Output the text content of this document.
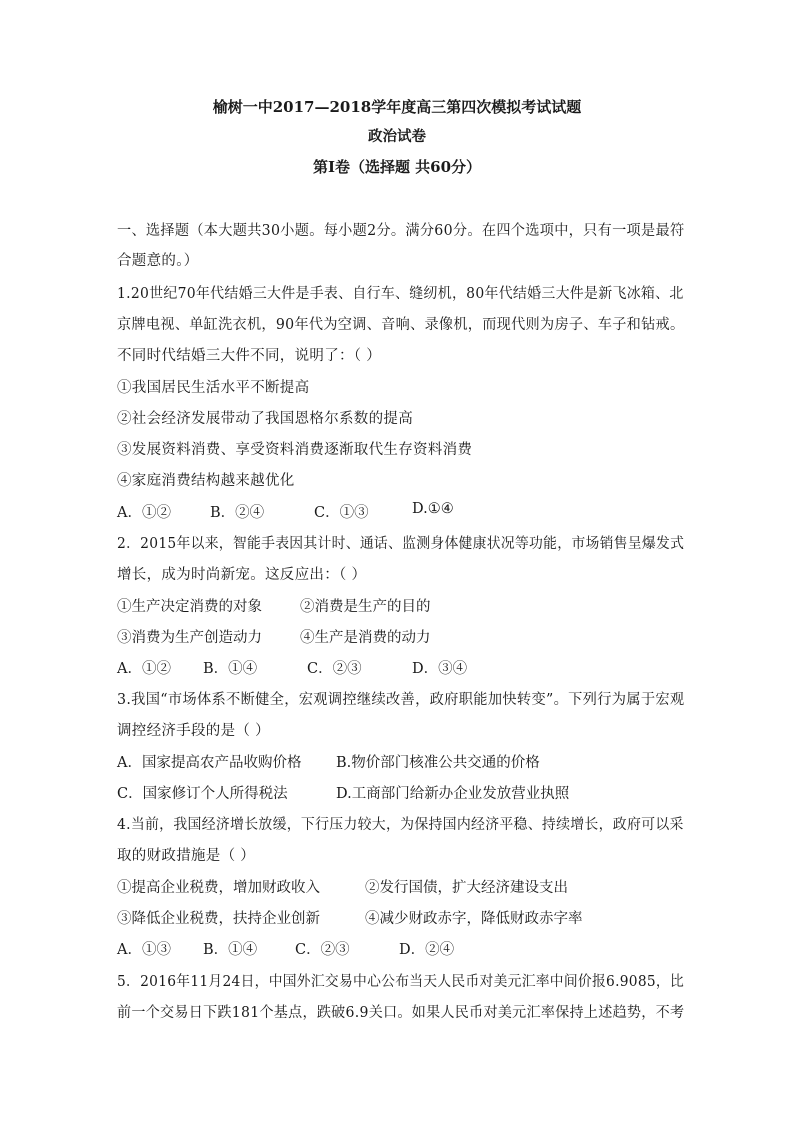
榆树一中2017—2018学年度高三第四次模拟考试试题
政治试卷
第Ⅰ卷（选择题 共60分）
一、选择题（本大题共30小题。每小题2分。满分60分。在四个选项中，只有一项是最符
合题意的。）
1.20世纪70年代结婚三大件是手表、自行车、缝纫机，80年代结婚三大件是新飞冰箱、北
京牌电视、单缸洗衣机，90年代为空调、音响、录像机，而现代则为房子、车子和钻戒。
不同时代结婚三大件不同，说明了：（ ）
①我国居民生活水平不断提高
②社会经济发展带动了我国恩格尔系数的提高
③发展资料消费、享受资料消费逐渐取代生存资料消费
④家庭消费结构越来越优化
A．①②	B．②④	C．①③	D.①④
2．2015年以来，智能手表因其计时、通话、监测身体健康状况等功能，市场销售呈爆发式
增长，成为时尚新宠。这反应出：（ ）
①生产决定消费的对象	②消费是生产的目的
③消费为生产创造动力	④生产是消费的动力
A．①② B．①④	C．②③	D．③④
3.我国“市场体系不断健全，宏观调控继续改善，政府职能加快转变”。下列行为属于宏观
调控经济手段的是（ ）
A．国家提高农产品收购价格 B.物价部门核准公共交通的价格
C．国家修订个人所得税法	D.工商部门给新办企业发放营业执照
4.当前，我国经济增长放缓，下行压力较大，为保持国内经济平稳、持续增长，政府可以采
取的财政措施是（ ）
①提高企业税费，增加财政收入	②发行国债，扩大经济建设支出
③降低企业税费，扶持企业创新	④减少财政赤字，降低财政赤字率
A．①③ B．①④	C．②③	D．②④
5．2016年11月24日，中国外汇交易中心公布当天人民币对美元汇率中间价报6.9085，比
前一个交易日下跌181个基点，跌破6.9关口。如果人民币对美元汇率保持上述趋势，不考
